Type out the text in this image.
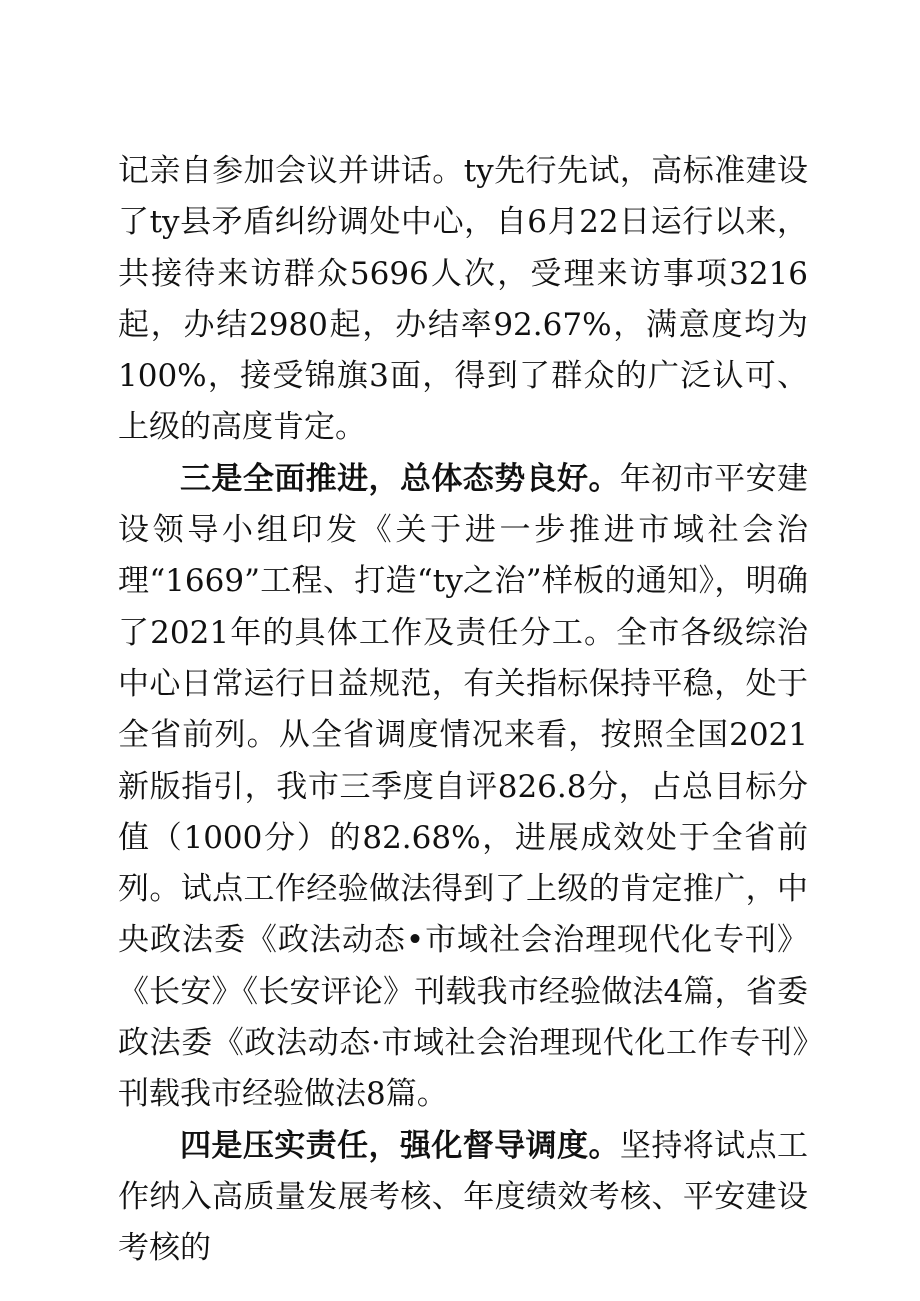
记亲自参加会议并讲话。ty先行先试，高标准建设了ty县矛盾纠纷调处中心，自6月22日运行以来，共接待来访群众5696人次，受理来访事项3216起，办结2980起，办结率92.67%，满意度均为100%，接受锦旗3面，得到了群众的广泛认可、上级的高度肯定。

三是全面推进，总体态势良好。年初市平安建设领导小组印发《关于进一步推进市域社会治理“1669”工程、打造“ty之治”样板的通知》，明确了2021年的具体工作及责任分工。全市各级综治中心日常运行日益规范，有关指标保持平稳，处于全省前列。从全省调度情况来看，按照全国2021新版指引，我市三季度自评826.8分，占总目标分值（1000分）的82.68%，进展成效处于全省前列。试点工作经验做法得到了上级的肯定推广，中央政法委《政法动态•市域社会治理现代化专刊》《长安》《长安评论》刊载我市经验做法4篇，省委政法委《政法动态·市域社会治理现代化工作专刊》刊载我市经验做法8篇。

四是压实责任，强化督导调度。坚持将试点工作纳入高质量发展考核、年度绩效考核、平安建设考核的
